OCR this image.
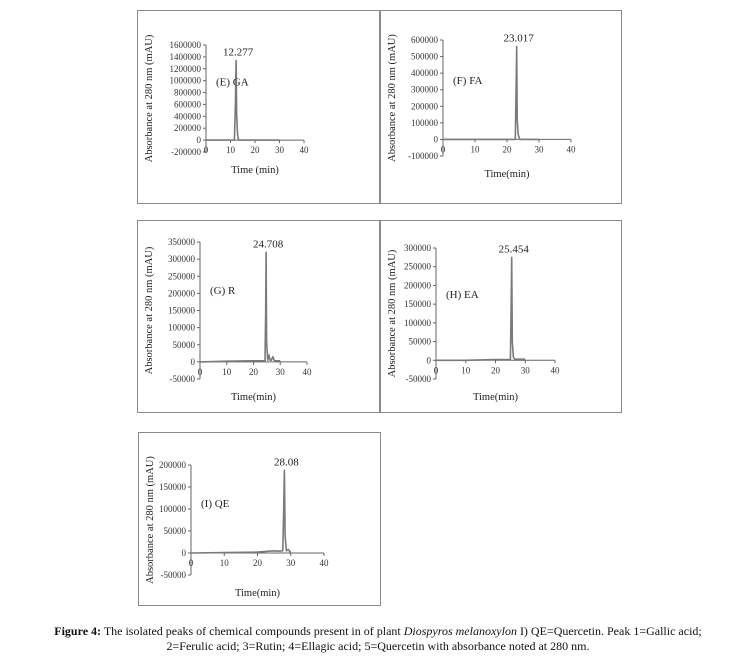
-200000
0
200000
400000
600000
800000
1000000
1200000
1400000
1600000
0 10 20 30 40
12.277
(E) GA
Absorbance at 280 nm (mAU)
Time (min)
-100000
0
100000
200000
300000
400000
500000
600000
0	10	20	30	40
23.017
(F) FA
Absorbance at 280 nm (mAU)
Time(min)
-50000
0
50000
100000
150000
200000
250000
300000
350000
0 10 20 30 40
24.708
(G) R
Absorbance at 280 nm (mAU)
Time(min)
-50000
0
50000
100000
150000
200000
250000
300000
0	10 20 30 40
25.454
(H) EA
Absorbance at 280 nm (mAU)
Time(min)
-50000
0
50000
100000
150000
200000
0	10	20	30	40
28.08
(I) QE
Absorbance at 280 nm (mAU)
Time(min)
Figure 4: The isolated peaks of chemical compounds present in of plant Diospyros melanoxylon I) QE=Quercetin. Peak 1=Gallic acid;
2=Ferulic acid; 3=Rutin; 4=Ellagic acid; 5=Quercetin with absorbance noted at 280 nm.
